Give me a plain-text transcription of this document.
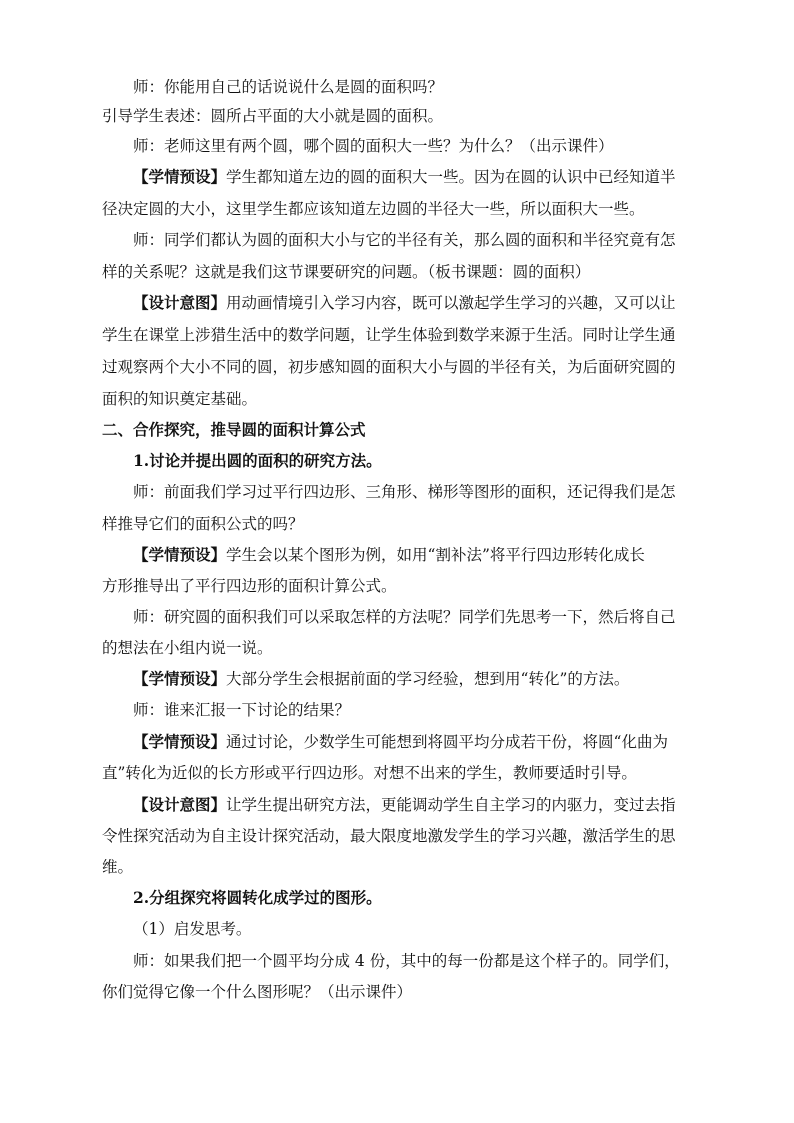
师：你能用自己的话说说什么是圆的面积吗？
引导学生表述：圆所占平面的大小就是圆的面积。
师：老师这里有两个圆，哪个圆的面积大一些？为什么？（出示课件）
【学情预设】学生都知道左边的圆的面积大一些。因为在圆的认识中已经知道半
径决定圆的大小，这里学生都应该知道左边圆的半径大一些，所以面积大一些。
师：同学们都认为圆的面积大小与它的半径有关，那么圆的面积和半径究竟有怎
样的关系呢？这就是我们这节课要研究的问题。（板书课题：圆的面积）
【设计意图】用动画情境引入学习内容，既可以激起学生学习的兴趣，又可以让
学生在课堂上涉猎生活中的数学问题，让学生体验到数学来源于生活。同时让学生通
过观察两个大小不同的圆，初步感知圆的面积大小与圆的半径有关，为后面研究圆的
面积的知识奠定基础。
二、合作探究，推导圆的面积计算公式
1.讨论并提出圆的面积的研究方法。
师：前面我们学习过平行四边形、三角形、梯形等图形的面积，还记得我们是怎
样推导它们的面积公式的吗？
【学情预设】学生会以某个图形为例，如用“割补法”将平行四边形转化成长
方形推导出了平行四边形的面积计算公式。
师：研究圆的面积我们可以采取怎样的方法呢？同学们先思考一下，然后将自己
的想法在小组内说一说。
【学情预设】大部分学生会根据前面的学习经验，想到用“转化”的方法。
师：谁来汇报一下讨论的结果？
【学情预设】通过讨论，少数学生可能想到将圆平均分成若干份，将圆“化曲为
直”转化为近似的长方形或平行四边形。对想不出来的学生，教师要适时引导。
【设计意图】让学生提出研究方法，更能调动学生自主学习的内驱力，变过去指
令性探究活动为自主设计探究活动，最大限度地激发学生的学习兴趣，激活学生的思
维。
2.分组探究将圆转化成学过的图形。
（1）启发思考。
师：如果我们把一个圆平均分成 4 份，其中的每一份都是这个样子的。同学们，
你们觉得它像一个什么图形呢？（出示课件）
